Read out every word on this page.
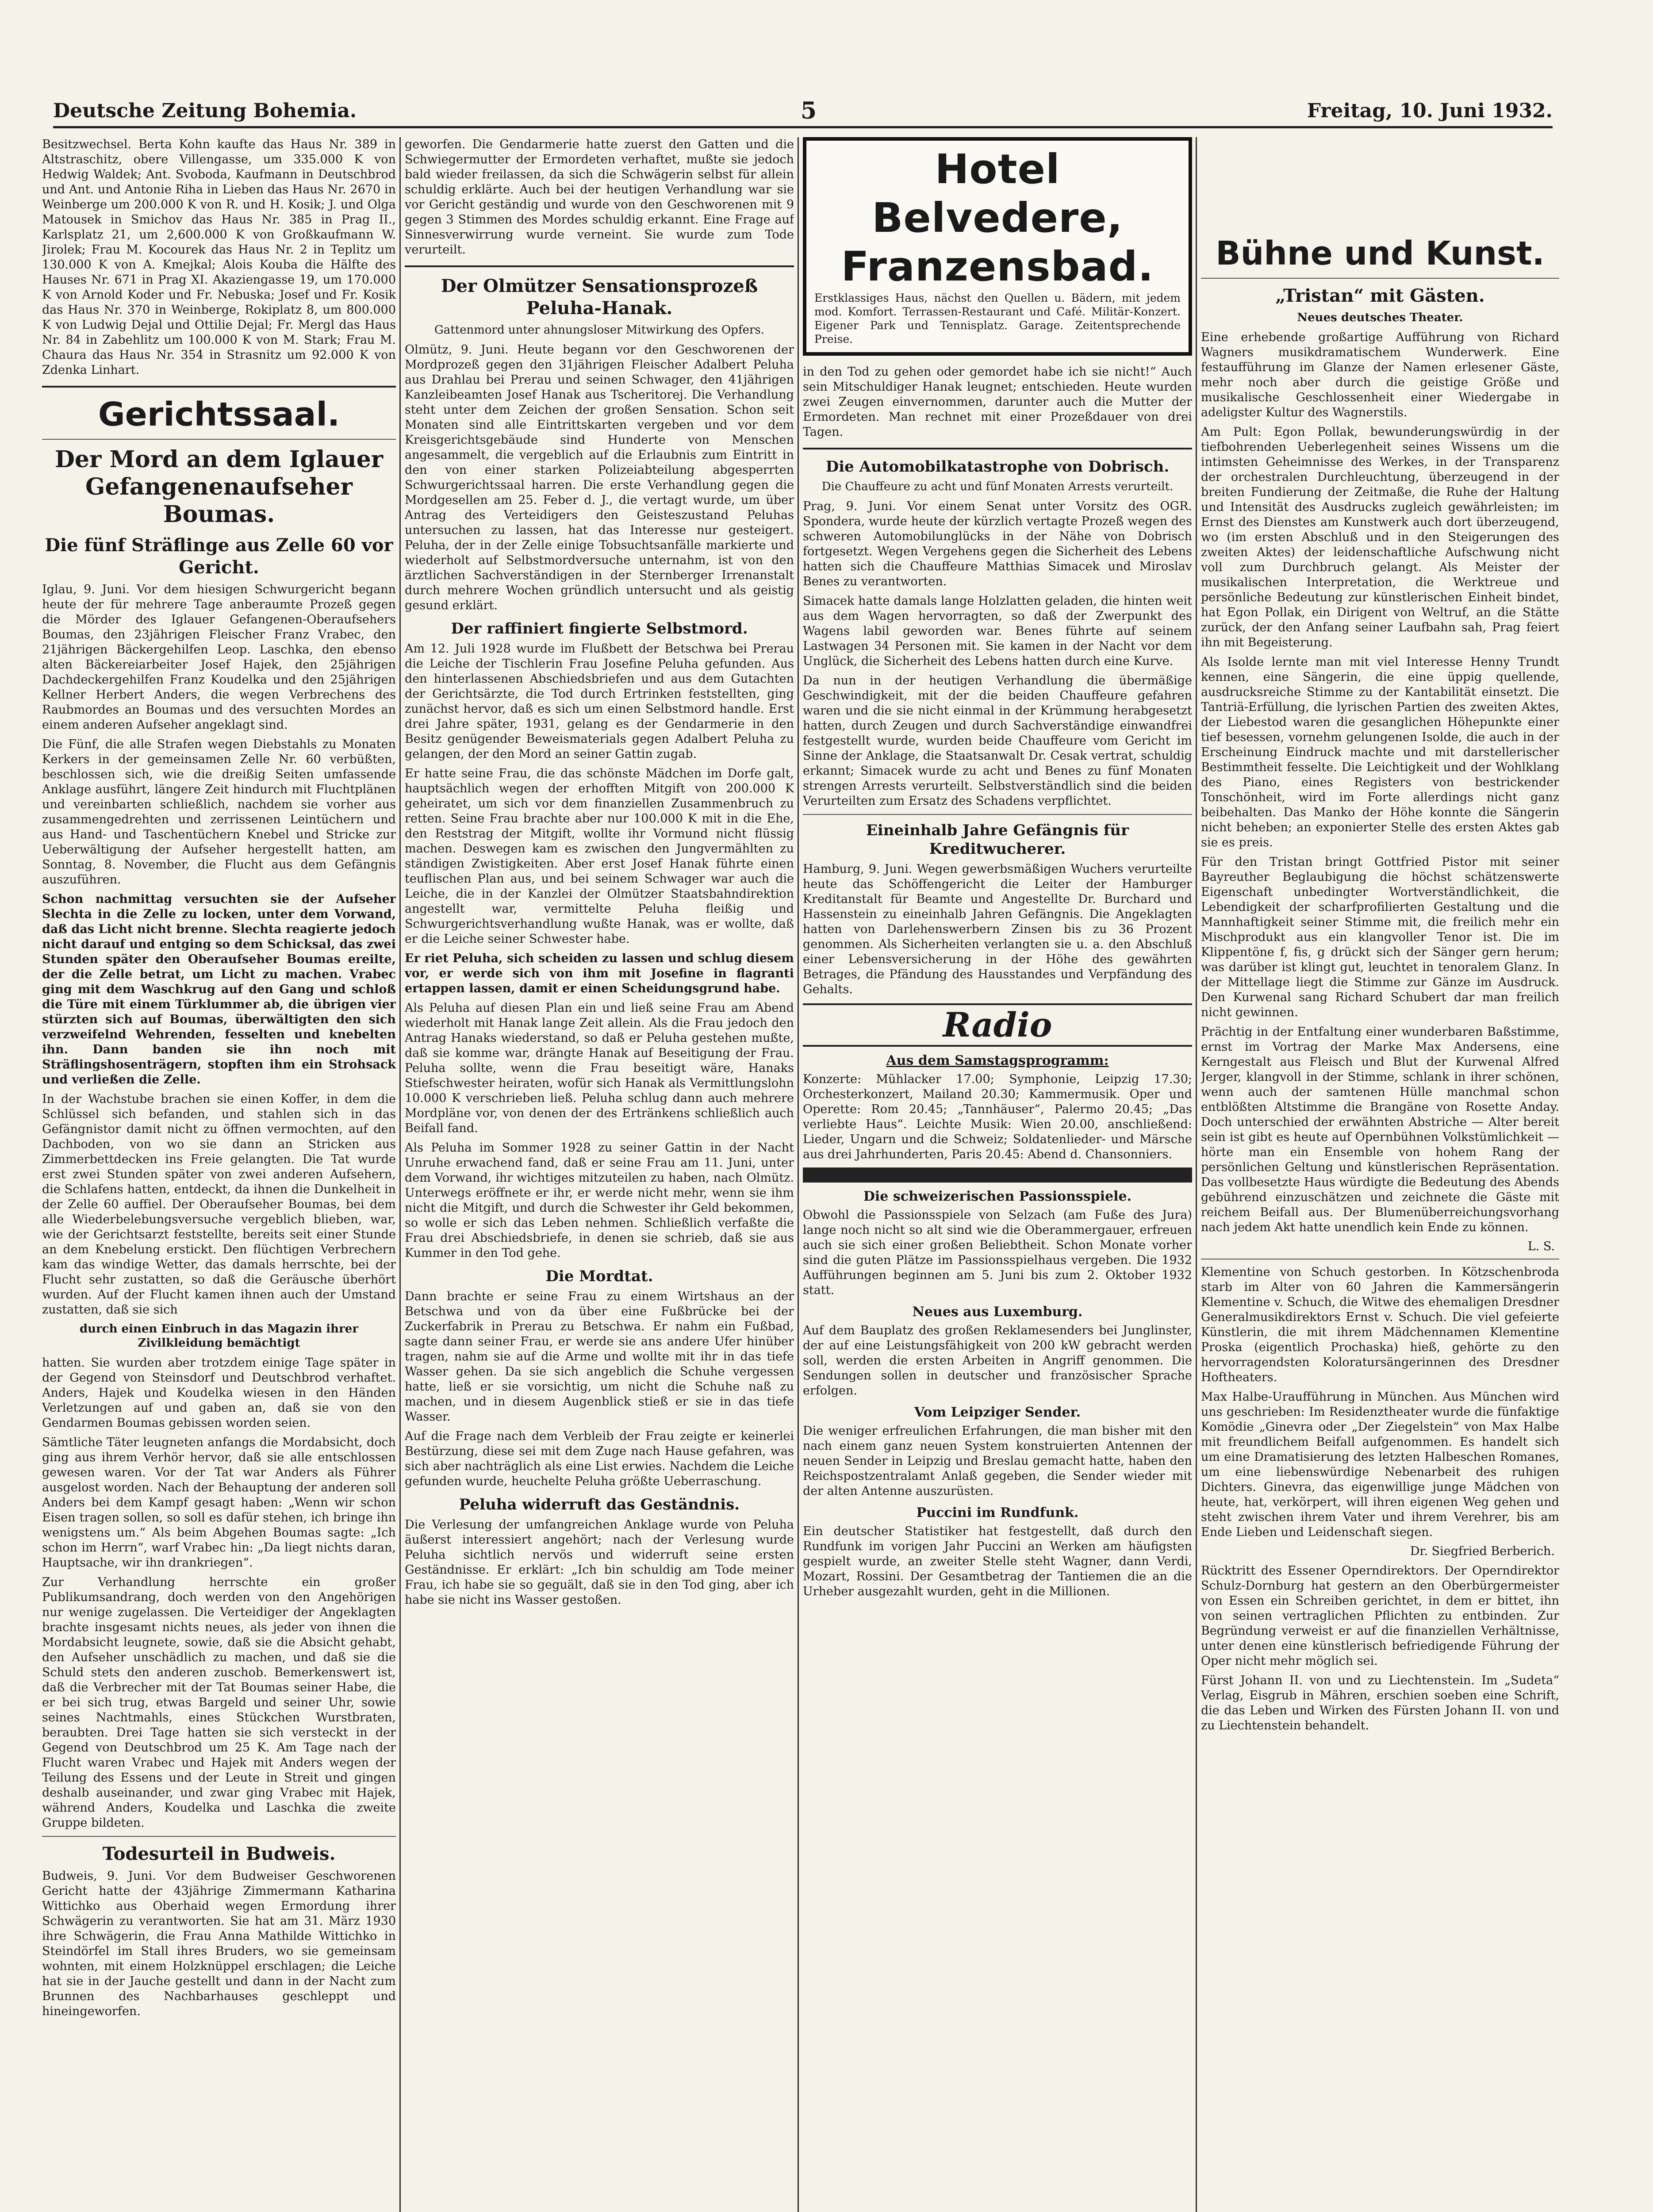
Deutsche Zeitung Bohemia.	5	Freitag, 10. Juni 1932.

Besitzwechsel. Berta Kohn kaufte das Haus Nr. 389 in Altstraschitz, obere Villengasse, um 335.000 K von Hedwig Waldek; Ant. Svoboda, Kaufmann in Deutschbrod und Ant. und Antonie Riha in Lieben das Haus Nr. 2670 in Weinberge um 200.000 K von R. und H. Kosik; J. und Olga Matousek in Smichov das Haus Nr. 385 in Prag II., Karlsplatz 21, um 2,600.000 K von Großkaufmann W. Jirolek; Frau M. Kocourek das Haus Nr. 2 in Teplitz um 130.000 K von A. Kmejkal; Alois Kouba die Hälfte des Hauses Nr. 671 in Prag XI. Akaziengasse 19, um 170.000 K von Arnold Koder und Fr. Nebuska; Josef und Fr. Kosik das Haus Nr. 370 in Weinberge, Rokiplatz 8, um 800.000 K von Ludwig Dejal und Ottilie Dejal; Fr. Mergl das Haus Nr. 84 in Zabehlitz um 100.000 K von M. Stark; Frau M. Chaura das Haus Nr. 354 in Strasnitz um 92.000 K von Zdenka Linhart.

Gerichtssaal.
Der Mord an dem Iglauer Gefangenenaufseher Boumas.
Die fünf Sträflinge aus Zelle 60 vor Gericht.

Iglau, 9. Juni. Vor dem hiesigen Schwurgericht begann heute der für mehrere Tage anberaumte Prozeß gegen die Mörder des Iglauer Gefangenen-Oberaufsehers Boumas, den 23jährigen Fleischer Franz Vrabec, den 21jährigen Bäckergehilfen Leop. Laschka, den ebenso alten Bäckereiarbeiter Josef Hajek, den 25jährigen Dachdeckergehilfen Franz Koudelka und den 25jährigen Kellner Herbert Anders, die wegen Verbrechens des Raubmordes an Boumas und des versuchten Mordes an einem anderen Aufseher angeklagt sind.

Die Fünf, die alle Strafen wegen Diebstahls zu Monaten Kerkers in der gemeinsamen Zelle Nr. 60 verbüßten, beschlossen sich, wie die dreißig Seiten umfassende Anklage ausführt, längere Zeit hindurch mit Fluchtplänen und vereinbarten schließlich, nachdem sie vorher aus zusammengedrehten und zerrissenen Leintüchern und aus Hand- und Taschentüchern Knebel und Stricke zur Ueberwältigung der Aufseher hergestellt hatten, am Sonntag, 8. November, die Flucht aus dem Gefängnis auszuführen.

Schon nachmittag versuchten sie der Aufseher Slechta in die Zelle zu locken, unter dem Vorwand, daß das Licht nicht brenne. Slechta reagierte jedoch nicht darauf und entging so dem Schicksal, das zwei Stunden später den Oberaufseher Boumas ereilte, der die Zelle betrat, um Licht zu machen. Vrabec ging mit dem Waschkrug auf den Gang und schloß die Türe mit einem Türklummer ab, die übrigen vier stürzten sich auf Boumas, überwältigten den sich verzweifelnd Wehrenden, fesselten und knebelten ihn. Dann banden sie ihn noch mit Sträflingshosenträgern, stopften ihm ein Strohsack und verließen die Zelle.

In der Wachstube brachen sie einen Koffer, in dem die Schlüssel sich befanden, und stahlen sich in das Gefängnistor damit nicht zu öffnen vermochten, auf den Dachboden, von wo sie dann an Stricken aus Zimmerbettdecken ins Freie gelangten. Die Tat wurde erst zwei Stunden später von zwei anderen Aufsehern, die Schlafens hatten, entdeckt, da ihnen die Dunkelheit in der Zelle 60 auffiel. Der Oberaufseher Boumas, bei dem alle Wiederbelebungsversuche vergeblich blieben, war, wie der Gerichtsarzt feststellte, bereits seit einer Stunde an dem Knebelung erstickt. Den flüchtigen Verbrechern kam das windige Wetter, das damals herrschte, bei der Flucht sehr zustatten, so daß die Geräusche überhört wurden. Auf der Flucht kamen ihnen auch der Umstand zustatten, daß sie sich

durch einen Einbruch in das Magazin ihrer Zivilkleidung bemächtigt

hatten. Sie wurden aber trotzdem einige Tage später in der Gegend von Steinsdorf und Deutschbrod verhaftet. Anders, Hajek und Koudelka wiesen in den Händen Verletzungen auf und gaben an, daß sie von den Gendarmen Boumas gebissen worden seien.

Sämtliche Täter leugneten anfangs die Mordabsicht, doch ging aus ihrem Verhör hervor, daß sie alle entschlossen gewesen waren. Vor der Tat war Anders als Führer ausgelost worden. Nach der Behauptung der anderen soll Anders bei dem Kampf gesagt haben: „Wenn wir schon Eisen tragen sollen, so soll es dafür stehen, ich bringe ihn wenigstens um.“ Als beim Abgehen Boumas sagte: „Ich schon im Herrn“, warf Vrabec hin: „Da liegt nichts daran, Hauptsache, wir ihn drankriegen“.

Zur Verhandlung herrschte ein großer Publikumsandrang, doch werden von den Angehörigen nur wenige zugelassen. Die Verteidiger der Angeklagten brachte insgesamt nichts neues, als jeder von ihnen die Mordabsicht leugnete, sowie, daß sie die Absicht gehabt, den Aufseher unschädlich zu machen, und daß sie die Schuld stets den anderen zuschob. Bemerkenswert ist, daß die Verbrecher mit der Tat Boumas seiner Habe, die er bei sich trug, etwas Bargeld und seiner Uhr, sowie seines Nachtmahls, eines Stückchen Wurstbraten, beraubten. Drei Tage hatten sie sich versteckt in der Gegend von Deutschbrod um 25 K. Am Tage nach der Flucht waren Vrabec und Hajek mit Anders wegen der Teilung des Essens und der Leute in Streit und gingen deshalb auseinander, und zwar ging Vrabec mit Hajek, während Anders, Koudelka und Laschka die zweite Gruppe bildeten.

Todesurteil in Budweis.

Budweis, 9. Juni. Vor dem Budweiser Geschworenen Gericht hatte der 43jährige Zimmermann Katharina Wittichko aus Oberhaid wegen Ermordung ihrer Schwägerin zu verantworten. Sie hat am 31. März 1930 ihre Schwägerin, die Frau Anna Mathilde Wittichko in Steindörfel im Stall ihres Bruders, wo sie gemeinsam wohnten, mit einem Holzknüppel erschlagen; die Leiche hat sie in der Jauche gestellt und dann in der Nacht zum Brunnen des Nachbarhauses geschleppt und hineingeworfen.

geworfen. Die Gendarmerie hatte zuerst den Gatten und die Schwiegermutter der Ermordeten verhaftet, mußte sie jedoch bald wieder freilassen, da sich die Schwägerin selbst für allein schuldig erklärte. Auch bei der heutigen Verhandlung war sie vor Gericht geständig und wurde von den Geschworenen mit 9 gegen 3 Stimmen des Mordes schuldig erkannt. Eine Frage auf Sinnesverwirrung wurde verneint. Sie wurde zum Tode verurteilt.

Der Olmützer Sensationsprozeß Peluha-Hanak.
Gattenmord unter ahnungsloser Mitwirkung des Opfers.

Olmütz, 9. Juni. Heute begann vor den Geschworenen der Mordprozeß gegen den 31jährigen Fleischer Adalbert Peluha aus Drahlau bei Prerau und seinen Schwager, den 41jährigen Kanzleibeamten Josef Hanak aus Tscheritorej. Die Verhandlung steht unter dem Zeichen der großen Sensation. Schon seit Monaten sind alle Eintrittskarten vergeben und vor dem Kreisgerichtsgebäude sind Hunderte von Menschen angesammelt, die vergeblich auf die Erlaubnis zum Eintritt in den von einer starken Polizeiabteilung abgesperrten Schwurgerichtssaal harren. Die erste Verhandlung gegen die Mordgesellen am 25. Feber d. J., die vertagt wurde, um über Antrag des Verteidigers den Geisteszustand Peluhas untersuchen zu lassen, hat das Interesse nur gesteigert. Peluha, der in der Zelle einige Tobsuchtsanfälle markierte und wiederholt auf Selbstmordversuche unternahm, ist von den ärztlichen Sachverständigen in der Sternberger Irrenanstalt durch mehrere Wochen gründlich untersucht und als geistig gesund erklärt.

Der raffiniert fingierte Selbstmord.

Am 12. Juli 1928 wurde im Flußbett der Betschwa bei Prerau die Leiche der Tischlerin Frau Josefine Peluha gefunden. Aus den hinterlassenen Abschiedsbriefen und aus dem Gutachten der Gerichtsärzte, die Tod durch Ertrinken feststellten, ging zunächst hervor, daß es sich um einen Selbstmord handle. Erst drei Jahre später, 1931, gelang es der Gendarmerie in den Besitz genügender Beweismaterials gegen Adalbert Peluha zu gelangen, der den Mord an seiner Gattin zugab.

Er hatte seine Frau, die das schönste Mädchen im Dorfe galt, hauptsächlich wegen der erhofften Mitgift von 200.000 K geheiratet, um sich vor dem finanziellen Zusammenbruch zu retten. Seine Frau brachte aber nur 100.000 K mit in die Ehe, den Reststrag der Mitgift, wollte ihr Vormund nicht flüssig machen. Deswegen kam es zwischen den Jungvermählten zu ständigen Zwistigkeiten. Aber erst Josef Hanak führte einen teuflischen Plan aus, und bei seinem Schwager war auch die Leiche, die in der Kanzlei der Olmützer Staatsbahndirektion angestellt war, vermittelte Peluha fleißig und Schwurgerichtsverhandlung wußte Hanak, was er wollte, daß er die Leiche seiner Schwester habe.

Er riet Peluha, sich scheiden zu lassen und schlug diesem vor, er werde sich von ihm mit Josefine in flagranti ertappen lassen, damit er einen Scheidungsgrund habe.

Als Peluha auf diesen Plan ein und ließ seine Frau am Abend wiederholt mit Hanak lange Zeit allein. Als die Frau jedoch den Antrag Hanaks wiederstand, so daß er Peluha gestehen mußte, daß sie komme war, drängte Hanak auf Beseitigung der Frau. Peluha sollte, wenn die Frau beseitigt wäre, Hanaks Stiefschwester heiraten, wofür sich Hanak als Vermittlungslohn 10.000 K verschrieben ließ. Peluha schlug dann auch mehrere Mordpläne vor, von denen der des Ertränkens schließlich auch Beifall fand.

Als Peluha im Sommer 1928 zu seiner Gattin in der Nacht Unruhe erwachend fand, daß er seine Frau am 11. Juni, unter dem Vorwand, ihr wichtiges mitzuteilen zu haben, nach Olmütz. Unterwegs eröffnete er ihr, er werde nicht mehr, wenn sie ihm nicht die Mitgift, und durch die Schwester ihr Geld bekommen, so wolle er sich das Leben nehmen. Schließlich verfaßte die Frau drei Abschiedsbriefe, in denen sie schrieb, daß sie aus Kummer in den Tod gehe.

Die Mordtat.

Dann brachte er seine Frau zu einem Wirtshaus an der Betschwa und von da über eine Fußbrücke bei der Zuckerfabrik in Prerau zu Betschwa. Er nahm ein Fußbad, sagte dann seiner Frau, er werde sie ans andere Ufer hinüber tragen, nahm sie auf die Arme und wollte mit ihr in das tiefe Wasser gehen. Da sie sich angeblich die Schuhe vergessen hatte, ließ er sie vorsichtig, um nicht die Schuhe naß zu machen, und in diesem Augenblick stieß er sie in das tiefe Wasser.

Auf die Frage nach dem Verbleib der Frau zeigte er keinerlei Bestürzung, diese sei mit dem Zuge nach Hause gefahren, was sich aber nachträglich als eine List erwies. Nachdem die Leiche gefunden wurde, heuchelte Peluha größte Ueberraschung.

Peluha widerruft das Geständnis.

Die Verlesung der umfangreichen Anklage wurde von Peluha äußerst interessiert angehört; nach der Verlesung wurde Peluha sichtlich nervös und widerruft seine ersten Geständnisse. Er erklärt: „Ich bin schuldig am Tode meiner Frau, ich habe sie so geguält, daß sie in den Tod ging, aber ich habe sie nicht ins Wasser gestoßen.

Hotel Belvedere, Franzensbad.
Erstklassiges Haus, nächst den Quellen u. Bädern, mit jedem mod. Komfort. Terrassen-Restaurant und Café. Militär-Konzert. Eigener Park und Tennisplatz. Garage. Zeitentsprechende Preise.

in den Tod zu gehen oder gemordet habe ich sie nicht!“ Auch sein Mitschuldiger Hanak leugnet; entschieden. Heute wurden zwei Zeugen einvernommen, darunter auch die Mutter der Ermordeten. Man rechnet mit einer Prozeßdauer von drei Tagen.

Die Automobilkatastrophe von Dobrisch.
Die Chauffeure zu acht und fünf Monaten Arrests verurteilt.

Prag, 9. Juni. Vor einem Senat unter Vorsitz des OGR. Spondera, wurde heute der kürzlich vertagte Prozeß wegen des schweren Automobilunglücks in der Nähe von Dobrisch fortgesetzt. Wegen Vergehens gegen die Sicherheit des Lebens hatten sich die Chauffeure Matthias Simacek und Miroslav Benes zu verantworten.

Simacek hatte damals lange Holzlatten geladen, die hinten weit aus dem Wagen hervorragten, so daß der Zwerpunkt des Wagens labil geworden war. Benes führte auf seinem Lastwagen 34 Personen mit. Sie kamen in der Nacht vor dem Unglück, die Sicherheit des Lebens hatten durch eine Kurve.

Da nun in der heutigen Verhandlung die übermäßige Geschwindigkeit, mit der die beiden Chauffeure gefahren waren und die sie nicht einmal in der Krümmung herabgesetzt hatten, durch Zeugen und durch Sachverständige einwandfrei festgestellt wurde, wurden beide Chauffeure vom Gericht im Sinne der Anklage, die Staatsanwalt Dr. Cesak vertrat, schuldig erkannt; Simacek wurde zu acht und Benes zu fünf Monaten strengen Arrests verurteilt. Selbstverständlich sind die beiden Verurteilten zum Ersatz des Schadens verpflichtet.

Eineinhalb Jahre Gefängnis für Kreditwucherer.

Hamburg, 9. Juni. Wegen gewerbsmäßigen Wuchers verurteilte heute das Schöffengericht die Leiter der Hamburger Kreditanstalt für Beamte und Angestellte Dr. Burchard und Hassenstein zu eineinhalb Jahren Gefängnis. Die Angeklagten hatten von Darlehenswerbern Zinsen bis zu 36 Prozent genommen. Als Sicherheiten verlangten sie u. a. den Abschluß einer Lebensversicherung in der Höhe des gewährten Betrages, die Pfändung des Hausstandes und Verpfändung des Gehalts.

Radio
Aus dem Samstagsprogramm:

Konzerte: Mühlacker 17.00; Symphonie, Leipzig 17.30; Orchesterkonzert, Mailand 20.30; Kammermusik. Oper und Operette: Rom 20.45; „Tannhäuser“, Palermo 20.45; „Das verliebte Haus“. Leichte Musik: Wien 20.00, anschließend: Lieder, Ungarn und die Schweiz; Soldatenlieder- und Märsche aus drei Jahrhunderten, Paris 20.45: Abend d. Chansonniers.

Die schweizerischen Passionsspiele.

Obwohl die Passionsspiele von Selzach (am Fuße des Jura) lange noch nicht so alt sind wie die Oberammergauer, erfreuen auch sie sich einer großen Beliebtheit. Schon Monate vorher sind die guten Plätze im Passionsspielhaus vergeben. Die 1932 Aufführungen beginnen am 5. Juni bis zum 2. Oktober 1932 statt.

Neues aus Luxemburg.

Auf dem Bauplatz des großen Reklamesenders bei Junglinster, der auf eine Leistungsfähigkeit von 200 kW gebracht werden soll, werden die ersten Arbeiten in Angriff genommen. Die Sendungen sollen in deutscher und französischer Sprache erfolgen.

Vom Leipziger Sender.

Die weniger erfreulichen Erfahrungen, die man bisher mit den nach einem ganz neuen System konstruierten Antennen der neuen Sender in Leipzig und Breslau gemacht hatte, haben den Reichspostzentralamt Anlaß gegeben, die Sender wieder mit der alten Antenne auszurüsten.

Puccini im Rundfunk.

Ein deutscher Statistiker hat festgestellt, daß durch den Rundfunk im vorigen Jahr Puccini an Werken am häufigsten gespielt wurde, an zweiter Stelle steht Wagner, dann Verdi, Mozart, Rossini. Der Gesamtbetrag der Tantiemen die an die Urheber ausgezahlt wurden, geht in die Millionen.

Bühne und Kunst.
„Tristan“ mit Gästen.
Neues deutsches Theater.

Eine erhebende großartige Aufführung von Richard Wagners musikdramatischem Wunderwerk. Eine festaufführung im Glanze der Namen erlesener Gäste, mehr noch aber durch die geistige Größe und musikalische Geschlossenheit einer Wiedergabe in adeligster Kultur des Wagnerstils.

Am Pult: Egon Pollak, bewunderungswürdig in der tiefbohrenden Ueberlegenheit seines Wissens um die intimsten Geheimnisse des Werkes, in der Transparenz der orchestralen Durchleuchtung, überzeugend in der breiten Fundierung der Zeitmaße, die Ruhe der Haltung und Intensität des Ausdrucks zugleich gewährleisten; im Ernst des Dienstes am Kunstwerk auch dort überzeugend, wo (im ersten Abschluß und in den Steigerungen des zweiten Aktes) der leidenschaftliche Aufschwung nicht voll zum Durchbruch gelangt. Als Meister der musikalischen Interpretation, die Werktreue und persönliche Bedeutung zur künstlerischen Einheit bindet, hat Egon Pollak, ein Dirigent von Weltruf, an die Stätte zurück, der den Anfang seiner Laufbahn sah, Prag feiert ihn mit Begeisterung.

Als Isolde lernte man mit viel Interesse Henny Trundt kennen, eine Sängerin, die eine üppig quellende, ausdrucksreiche Stimme zu der Kantabilität einsetzt. Die Tantriä-Erfüllung, die lyrischen Partien des zweiten Aktes, der Liebestod waren die gesanglichen Höhepunkte einer tief besessen, vornehm gelungenen Isolde, die auch in der Erscheinung Eindruck machte und mit darstellerischer Bestimmtheit fesselte. Die Leichtigkeit und der Wohlklang des Piano, eines Registers von bestrickender Tonschönheit, wird im Forte allerdings nicht ganz beibehalten. Das Manko der Höhe konnte die Sängerin nicht beheben; an exponierter Stelle des ersten Aktes gab sie es preis.

Für den Tristan bringt Gottfried Pistor mit seiner Bayreuther Beglaubigung die höchst schätzenswerte Eigenschaft unbedingter Wortverständlichkeit, die Lebendigkeit der scharfprofilierten Gestaltung und die Mannhaftigkeit seiner Stimme mit, die freilich mehr ein Mischprodukt aus ein klangvoller Tenor ist. Die im Klippentöne f, fis, g drückt sich der Sänger gern herum; was darüber ist klingt gut, leuchtet in tenoralem Glanz. In der Mittellage liegt die Stimme zur Gänze im Ausdruck. Den Kurwenal sang Richard Schubert dar man freilich nicht gewinnen.

Prächtig in der Entfaltung einer wunderbaren Baßstimme, ernst im Vortrag der Marke Max Andersens, eine Kerngestalt aus Fleisch und Blut der Kurwenal Alfred Jerger, klangvoll in der Stimme, schlank in ihrer schönen, wenn auch der samtenen Hülle manchmal schon entblößten Altstimme die Brangäne von Rosette Anday. Doch unterschied der erwähnten Abstriche — Alter bereit sein ist gibt es heute auf Opernbühnen Volkstümlichkeit — hörte man ein Ensemble von hohem Rang der persönlichen Geltung und künstlerischen Repräsentation. Das vollbesetzte Haus würdigte die Bedeutung des Abends gebührend einzuschätzen und zeichnete die Gäste mit reichem Beifall aus. Der Blumenüberreichungsvorhang nach jedem Akt hatte unendlich kein Ende zu können.

L. S.

Klementine von Schuch gestorben. In Kötzschenbroda starb im Alter von 60 Jahren die Kammersängerin Klementine v. Schuch, die Witwe des ehemaligen Dresdner Generalmusikdirektors Ernst v. Schuch. Die viel gefeierte Künstlerin, die mit ihrem Mädchennamen Klementine Proska (eigentlich Prochaska) hieß, gehörte zu den hervorragendsten Koloratursängerinnen des Dresdner Hoftheaters.

Max Halbe-Uraufführung in München. Aus München wird uns geschrieben: Im Residenztheater wurde die fünfaktige Komödie „Ginevra oder „Der Ziegelstein“ von Max Halbe mit freundlichem Beifall aufgenommen. Es handelt sich um eine Dramatisierung des letzten Halbeschen Romanes, um eine liebenswürdige Nebenarbeit des ruhigen Dichters. Ginevra, das eigenwillige junge Mädchen von heute, hat, verkörpert, will ihren eigenen Weg gehen und steht zwischen ihrem Vater und ihrem Verehrer, bis am Ende Lieben und Leidenschaft siegen.

Dr. Siegfried Berberich.

Rücktritt des Essener Operndirektors. Der Operndirektor Schulz-Dornburg hat gestern an den Oberbürgermeister von Essen ein Schreiben gerichtet, in dem er bittet, ihn von seinen vertraglichen Pflichten zu entbinden. Zur Begründung verweist er auf die finanziellen Verhältnisse, unter denen eine künstlerisch befriedigende Führung der Oper nicht mehr möglich sei.

Fürst Johann II. von und zu Liechtenstein. Im „Sudeta“ Verlag, Eisgrub in Mähren, erschien soeben eine Schrift, die das Leben und Wirken des Fürsten Johann II. von und zu Liechtenstein behandelt.
